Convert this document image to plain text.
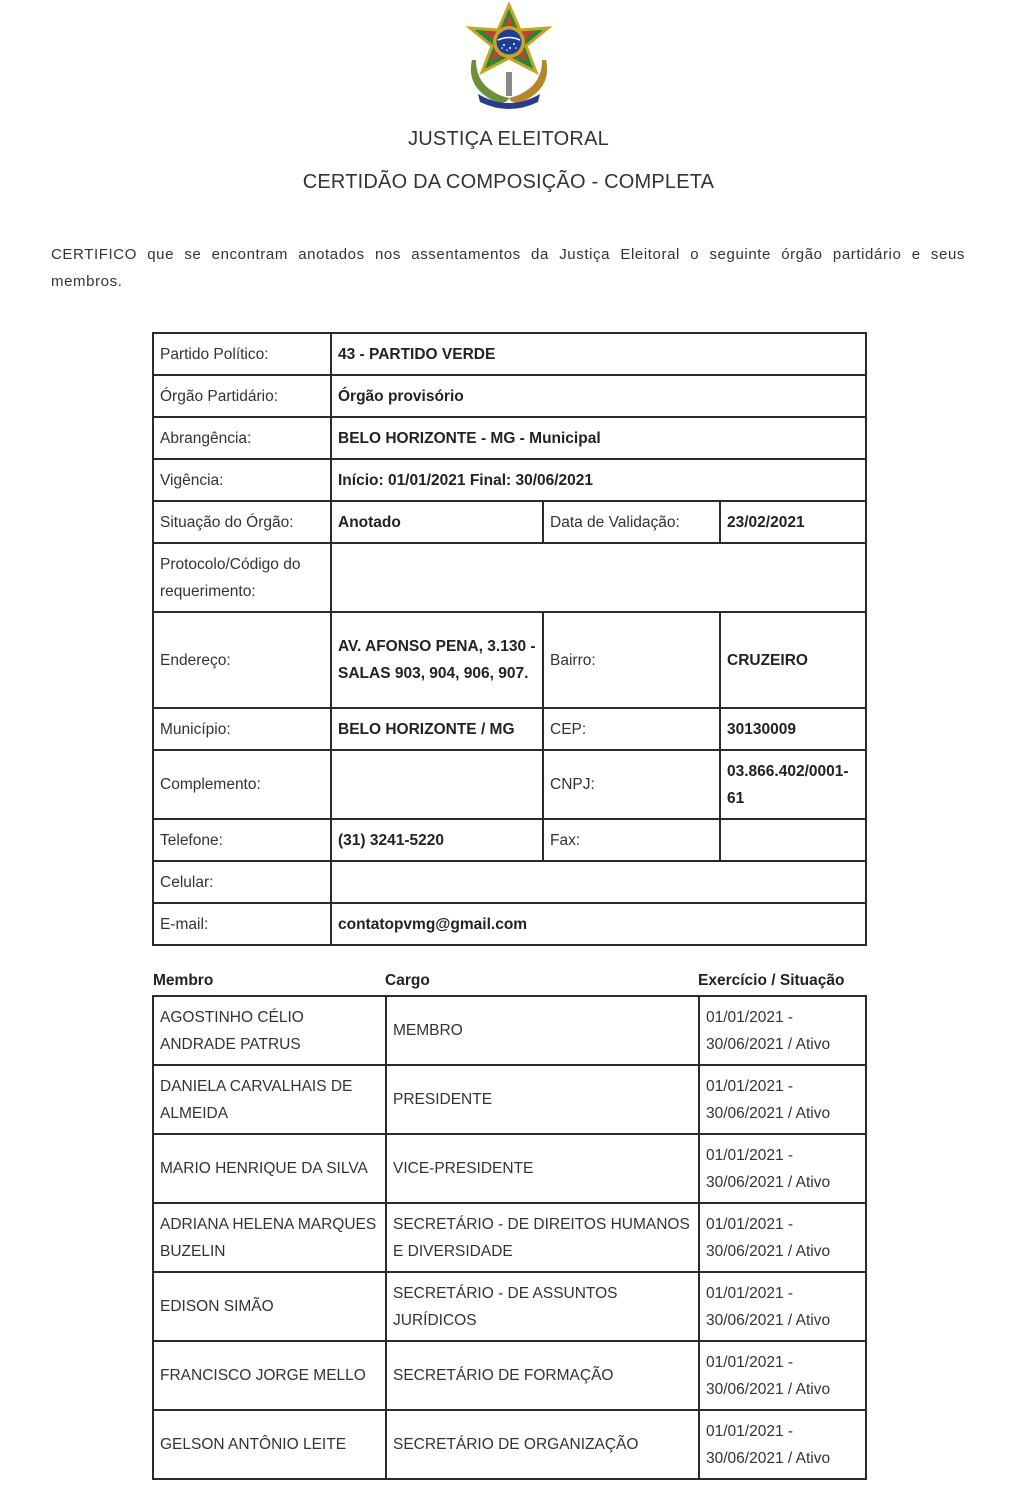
JUSTIÇA ELEITORAL
CERTIDÃO DA COMPOSIÇÃO - COMPLETA

CERTIFICO que se encontram anotados nos assentamentos da Justiça Eleitoral o seguinte órgão partidário e seus membros.

Partido Político:	43 - PARTIDO VERDE		
Órgão Partidário:	Órgão provisório		
Abrangência:	BELO HORIZONTE - MG - Municipal		
Vigência:	Início: 01/01/2021 Final: 30/06/2021		
Situação do Órgão:	Anotado	Data de Validação:	23/02/2021
Protocolo/Código do requerimento:			
Endereço:	AV. AFONSO PENA, 3.130 - SALAS 903, 904, 906, 907.	Bairro:	CRUZEIRO
Município:	BELO HORIZONTE / MG	CEP:	30130009
Complemento:		CNPJ:	03.866.402/0001-61
Telefone:	(31) 3241-5220	Fax:	
Celular:			
E-mail:	contatopvmg@gmail.com		
Membro	Cargo	Exercício / Situação
AGOSTINHO CÉLIO ANDRADE PATRUS	MEMBRO	01/01/2021 - 30/06/2021 / Ativo
DANIELA CARVALHAIS DE ALMEIDA	PRESIDENTE	01/01/2021 - 30/06/2021 / Ativo
MARIO HENRIQUE DA SILVA	VICE-PRESIDENTE	01/01/2021 - 30/06/2021 / Ativo
ADRIANA HELENA MARQUES BUZELIN	SECRETÁRIO - DE DIREITOS HUMANOS E DIVERSIDADE	01/01/2021 - 30/06/2021 / Ativo
EDISON SIMÃO	SECRETÁRIO - DE ASSUNTOS JURÍDICOS	01/01/2021 - 30/06/2021 / Ativo
FRANCISCO JORGE MELLO	SECRETÁRIO DE FORMAÇÃO	01/01/2021 - 30/06/2021 / Ativo
GELSON ANTÔNIO LEITE	SECRETÁRIO DE ORGANIZAÇÃO	01/01/2021 - 30/06/2021 / Ativo
